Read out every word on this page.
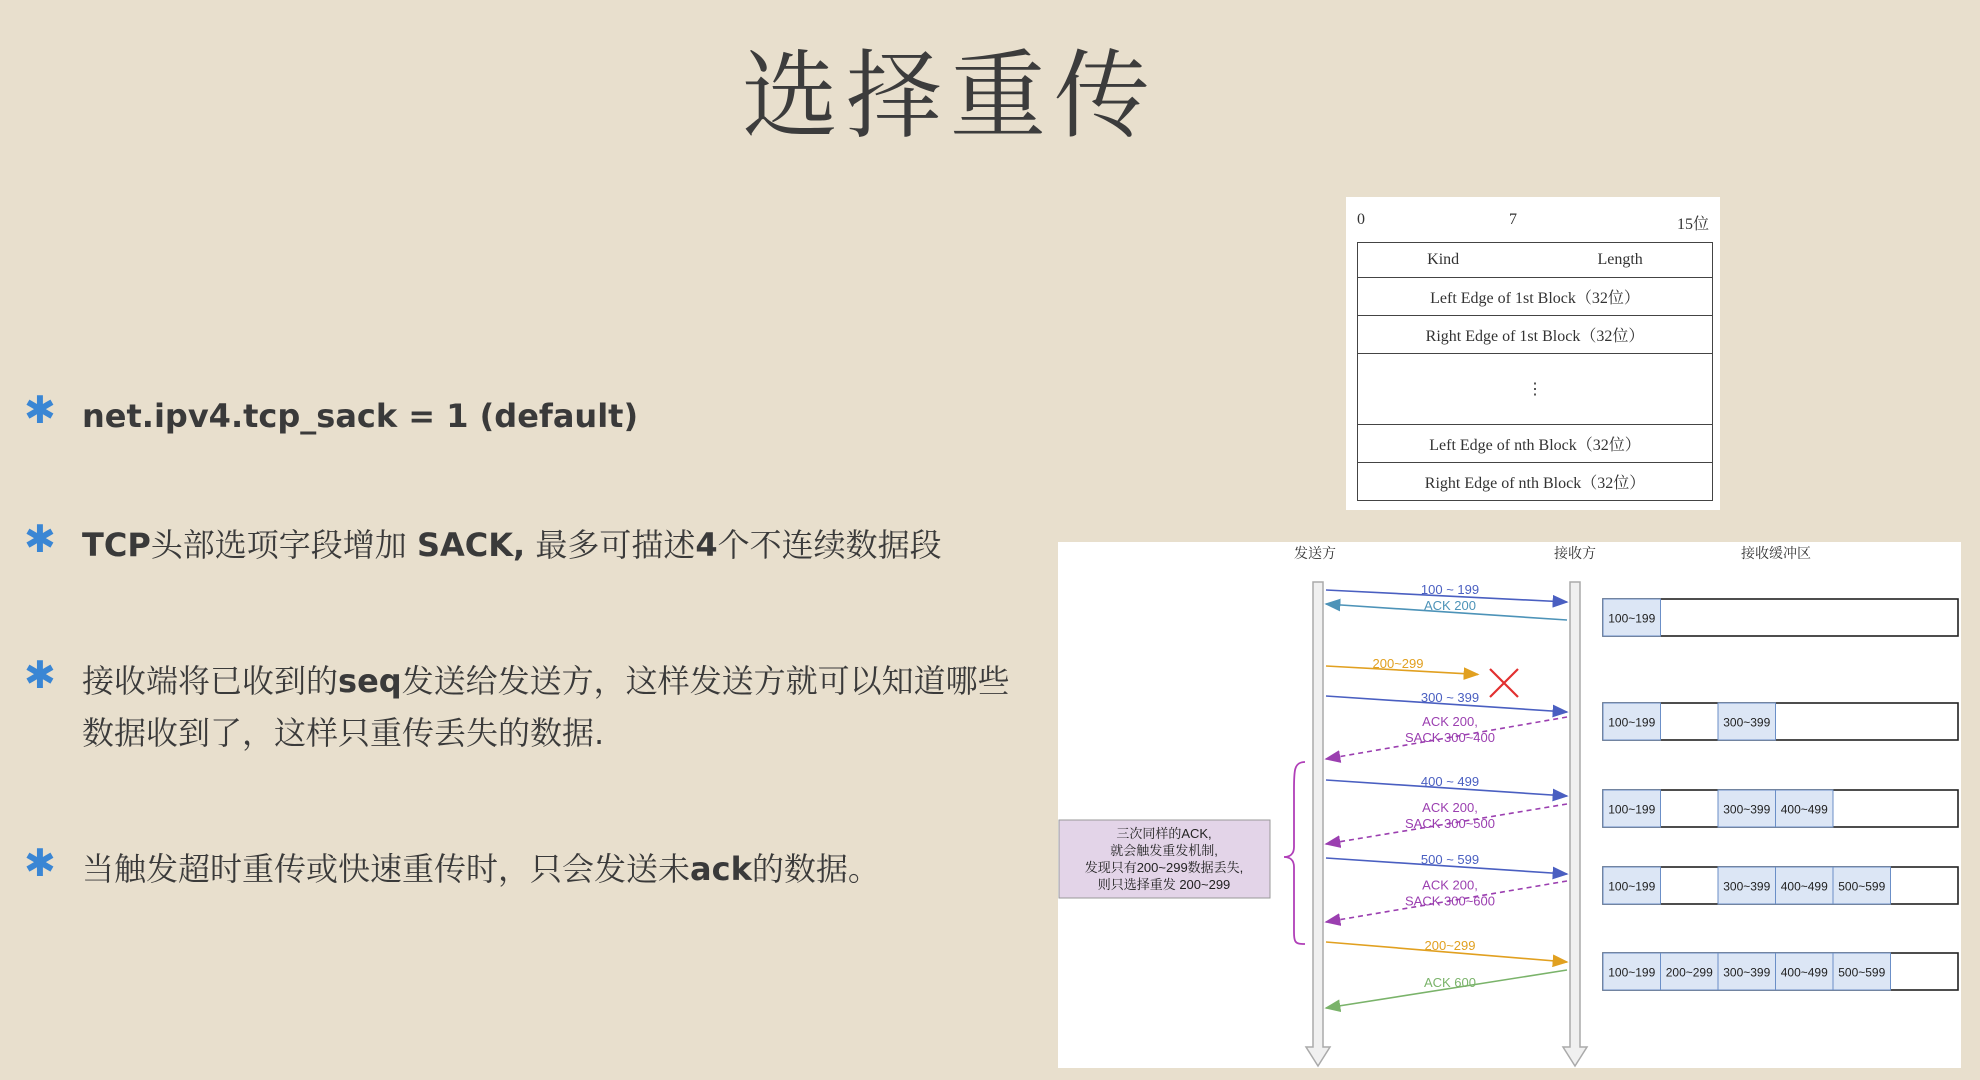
选择重传
✱ net.ipv4.tcp_sack = 1 (default)
✱ TCP头部选项字段增加 SACK, 最多可描述4个不连续数据段
✱ 接收端将已收到的seq发送给发送方，这样发送方就可以知道哪些数据收到了，这样只重传丢失的数据.
✱ 当触发超时重传或快速重传时，只会发送未ack的数据。
0	7	15位
Kind	Length

Left Edge of 1st Block（32位）
Right Edge of 1st Block（32位）
⋮
Left Edge of nth Block（32位）
Right Edge of nth Block（32位）
发送方	接收方	接收缓冲区
100 ~ 199
ACK 200
200~299
300 ~ 399
ACK 200, SACK 300~400
400 ~ 499
ACK 200, SACK 300~500
500 ~ 599
ACK 200, SACK 300~600
200~299
ACK 600
三次同样的ACK,
就会触发重发机制,
发现只有200~299数据丢失,
则只选择重发 200~299
100~199
100~199	300~399
100~199	300~399 400~499
100~199	300~399 400~499 500~599
100~199 200~299 300~399 400~499 500~599
